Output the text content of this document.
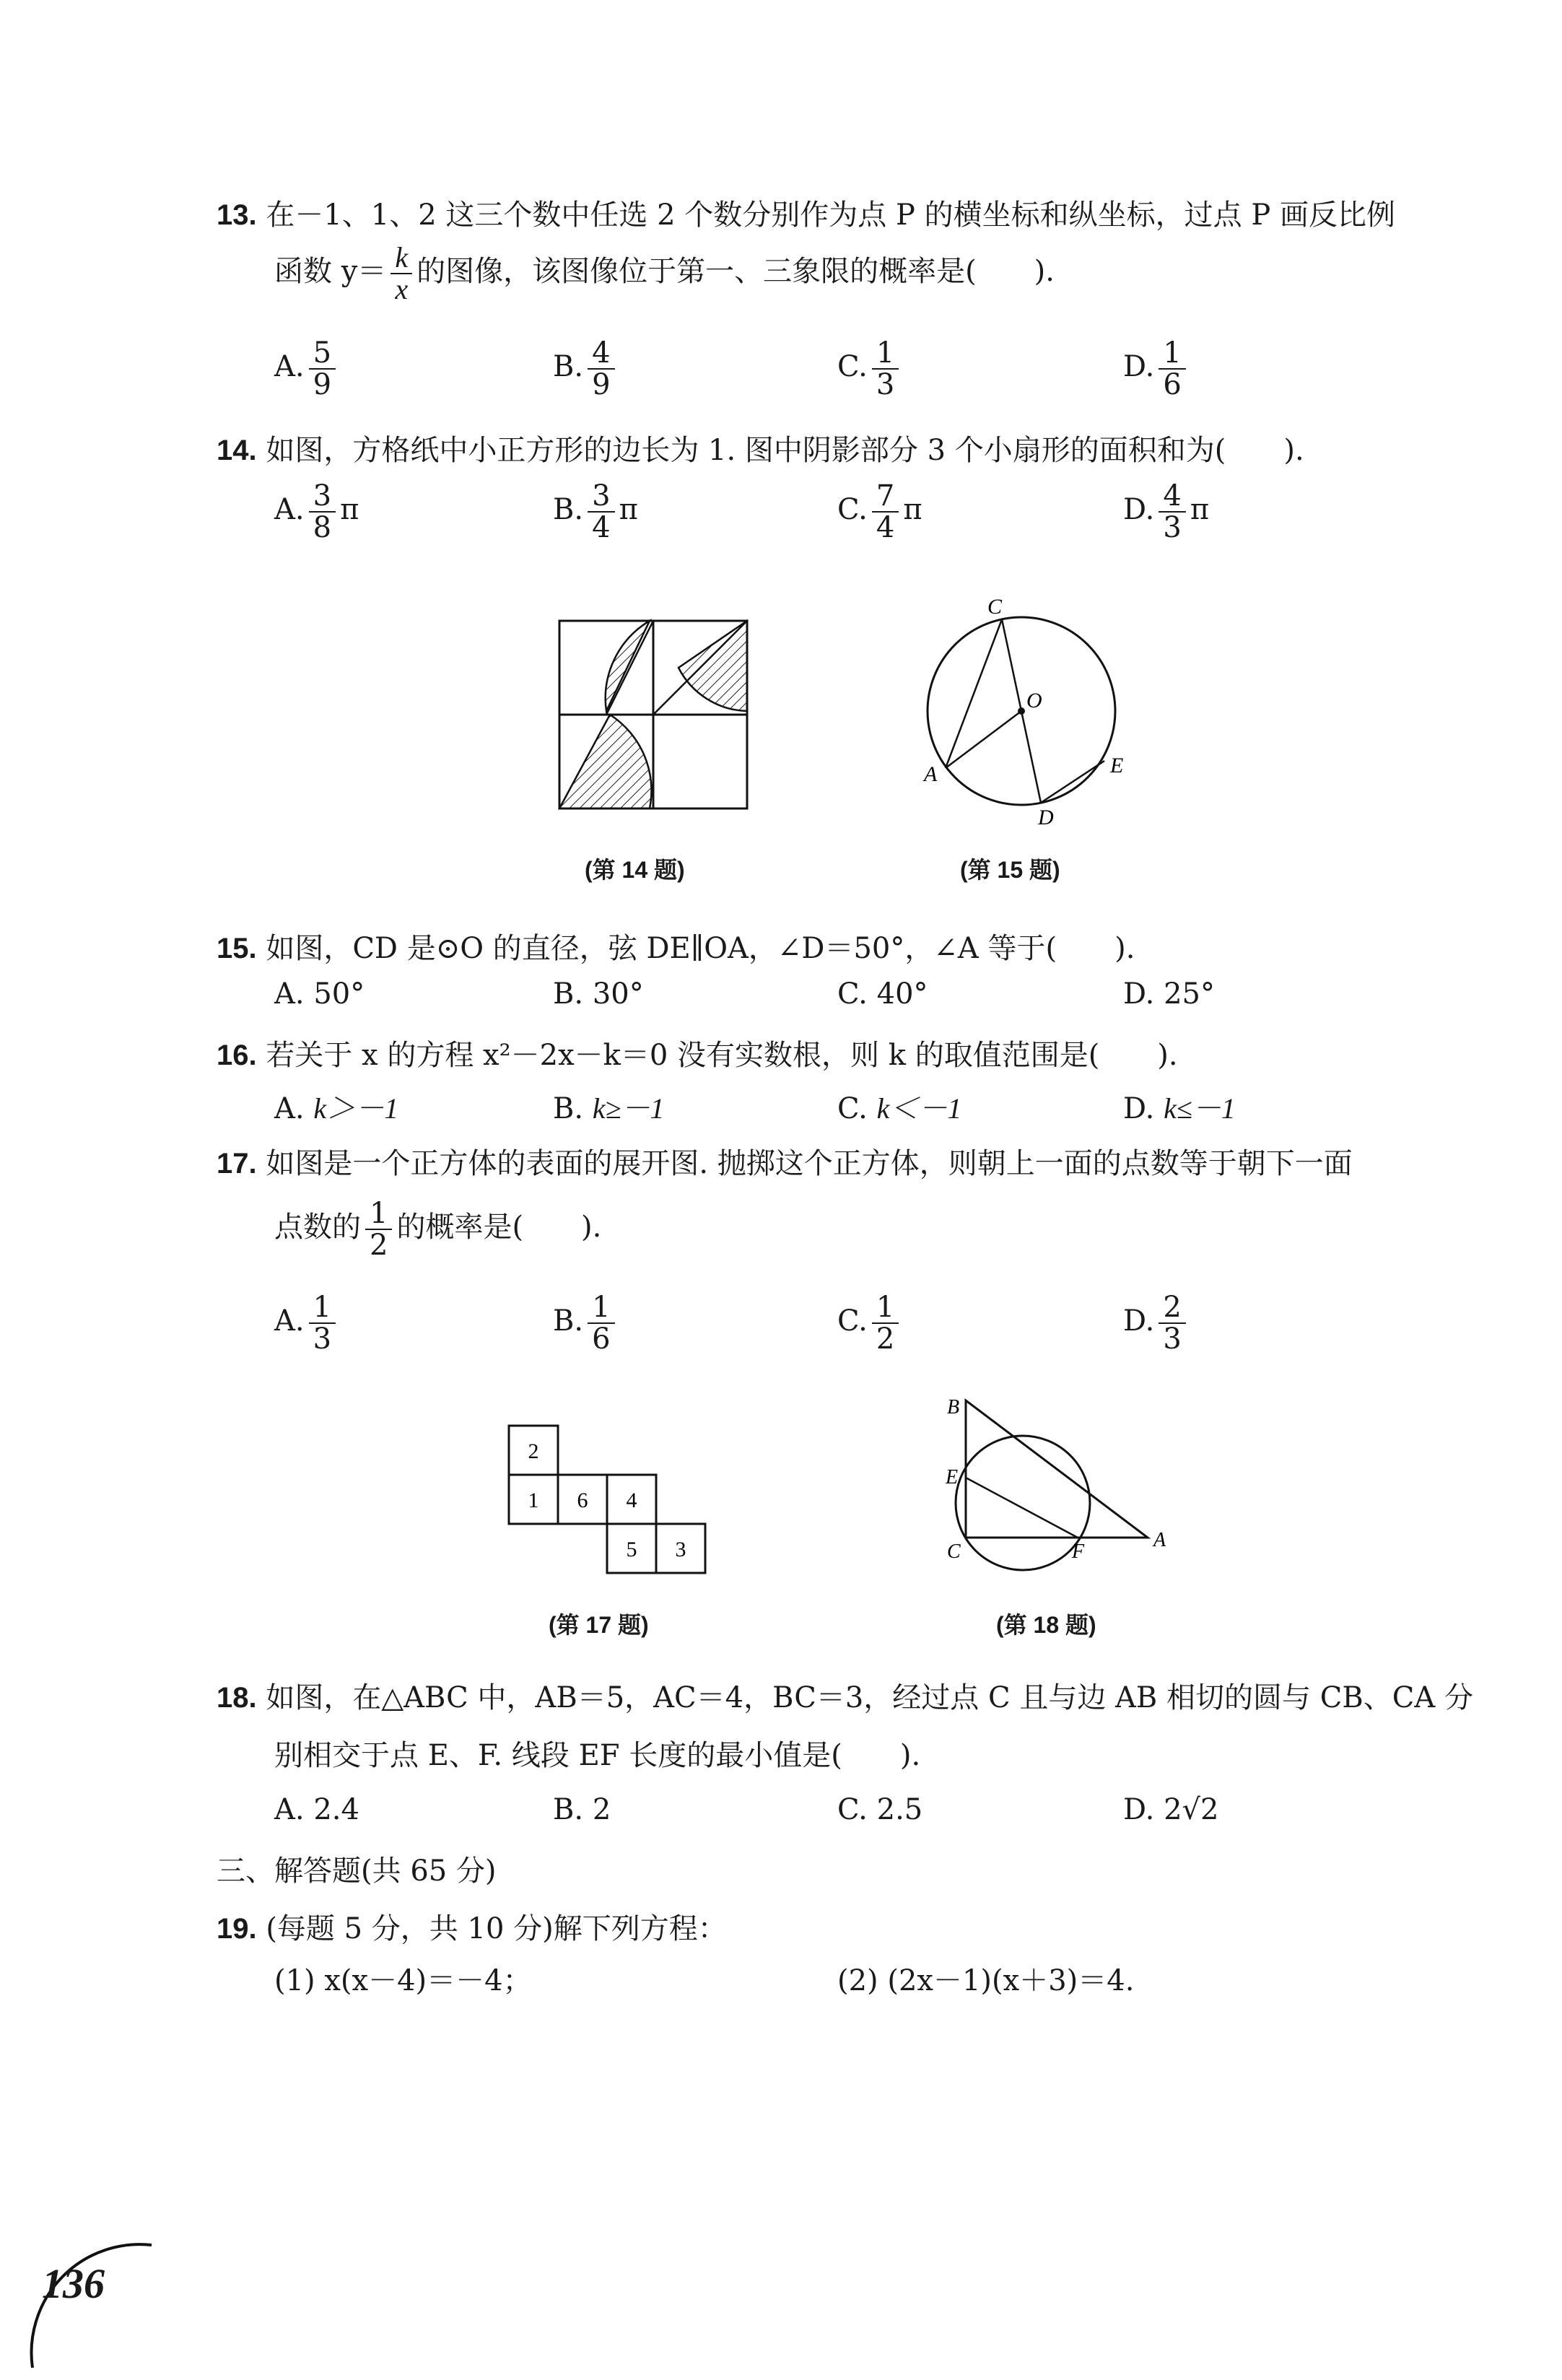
13. 在－1、1、2 这三个数中任选 2 个数分别作为点 P 的横坐标和纵坐标，过点 P 画反比例
函数 $y= \frac{k}{x}$ 的图像，该图像位于第一、三象限的概率是(　　).
A. $\frac{5}{9}$	B. $\frac{4}{9}$	C. $\frac{1}{3}$	D. $\frac{1}{6}$
14. 如图，方格纸中小正方形的边长为 1. 图中阴影部分 3 个小扇形的面积和为(　　).
A. $\frac{3}{8}$ π	B. $\frac{3}{4}$ π	C. $\frac{7}{4}$ π	D. $\frac{4}{3}$ π
(第 14 题)
C
O
A	E
D
(第 15 题)
15. 如图，CD 是⊙O 的直径，弦 DE∥OA，∠D＝50°，∠A 等于(　　).
A. 50°	B. 30°	C. 40°	D. 25°
16. 若关于 x 的方程 x²－2x－k＝0 没有实数根，则 k 的取值范围是(　　).
A. k＞－1	B. k≥－1	C. k＜－1	D. k≤－1
17. 如图是一个正方体的表面的展开图. 抛掷这个正方体，则朝上一面的点数等于朝下一面
点数的 $\frac{1}{2}$ 的概率是(　　).
A. $\frac{1}{3}$	B. $\frac{1}{6}$	C. $\frac{1}{2}$	D. $\frac{2}{3}$
2
1 6 4
5 3
(第 17 题)
B
E
C	F
A
(第 18 题)
18. 如图，在△ABC 中，AB＝5，AC＝4，BC＝3，经过点 C 且与边 AB 相切的圆与 CB、CA 分
别相交于点 E、F. 线段 EF 长度的最小值是(　　).
A. 2.4	B. 2	C. 2.5	D. 2√2
三、解答题(共 65 分)
19. (每题 5 分，共 10 分)解下列方程：
(1) x(x－4)＝－4；	(2) (2x－1)(x＋3)＝4.
136
